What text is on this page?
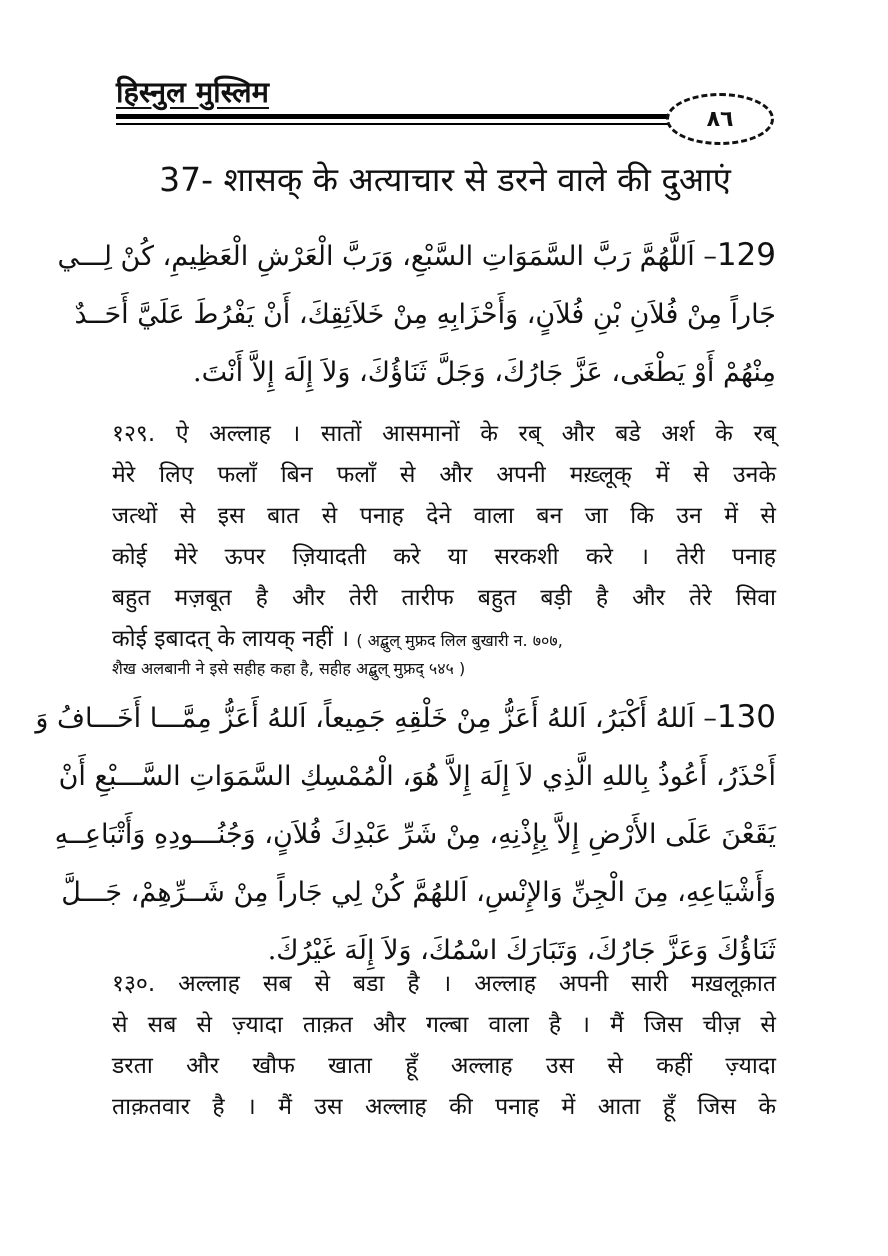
हिस्नुल मुस्लिम
٨٦
37- शासक् के अत्याचार से डरने वाले की दुआएं
129– اَللَّهُمَّ رَبَّ السَّمَوَاتِ السَّبْعِ، وَرَبَّ الْعَرْشِ الْعَظِيمِ، كُنْ لِـــي
جَاراً مِنْ فُلاَنِ بْنِ فُلاَنٍ، وَأَحْزَابِهِ مِنْ خَلاَئِقِكَ، أَنْ يَفْرُطَ عَلَيَّ أَحَــدٌ
مِنْهُمْ أَوْ يَطْغَى، عَزَّ جَارُكَ، وَجَلَّ ثَنَاؤُكَ، وَلاَ إِلَهَ إِلاَّ أَنْتَ.
१२९. ऐ अल्लाह । सातों आसमानों के रब् और बडे अर्श के रब्
मेरे लिए फलाँ बिन फलाँ से और अपनी मख़्लूक् में से उनके
जत्थों से इस बात से पनाह देने वाला बन जा कि उन में से
कोई मेरे ऊपर ज़ियादती करे या सरकशी करे । तेरी पनाह
बहुत मज़बूत है और तेरी तारीफ बहुत बड़ी है और तेरे सिवा
कोई इबादत् के लायक् नहीं । ( अद्बुल् मुफ्रद लिल बुखारी न. ७०७,
शैख अलबानी ने इसे सहीह कहा है, सहीह अद्बुल् मुफ्रद् ५४५ )
130– اَللهُ أَكْبَرُ، اَللهُ أَعَزُّ مِنْ خَلْقِهِ جَمِيعاً، اَللهُ أَعَزُّ مِمَّـــا أَخَـــافُ وَ
أَحْذَرُ، أَعُوذُ بِاللهِ الَّذِي لاَ إِلَهَ إِلاَّ هُوَ، الْمُمْسِكِ السَّمَوَاتِ السَّـــبْعِ أَنْ
يَقَعْنَ عَلَى الأَرْضِ إِلاَّ بِإِذْنِهِ، مِنْ شَرِّ عَبْدِكَ فُلاَنٍ، وَجُنُـــودِهِ وَأَتْبَاعِــهِ
وَأَشْيَاعِهِ، مِنَ الْجِنِّ وَالإِنْسِ، اَللهُمَّ كُنْ لِي جَاراً مِنْ شَــرِّهِمْ، جَـــلَّ
ثَنَاؤُكَ وَعَزَّ جَارُكَ، وَتَبَارَكَ اسْمُكَ، وَلاَ إِلَهَ غَيْرُكَ.
१३०. अल्लाह सब से बडा है । अल्लाह अपनी सारी मख़लूक़ात
से सब से ज़्यादा ताक़त और गल्बा वाला है । मैं जिस चीज़ से
डरता और खौफ खाता हूँ अल्लाह उस से कहीं ज़्यादा
ताक़तवार है । मैं उस अल्लाह की पनाह में आता हूँ जिस के
